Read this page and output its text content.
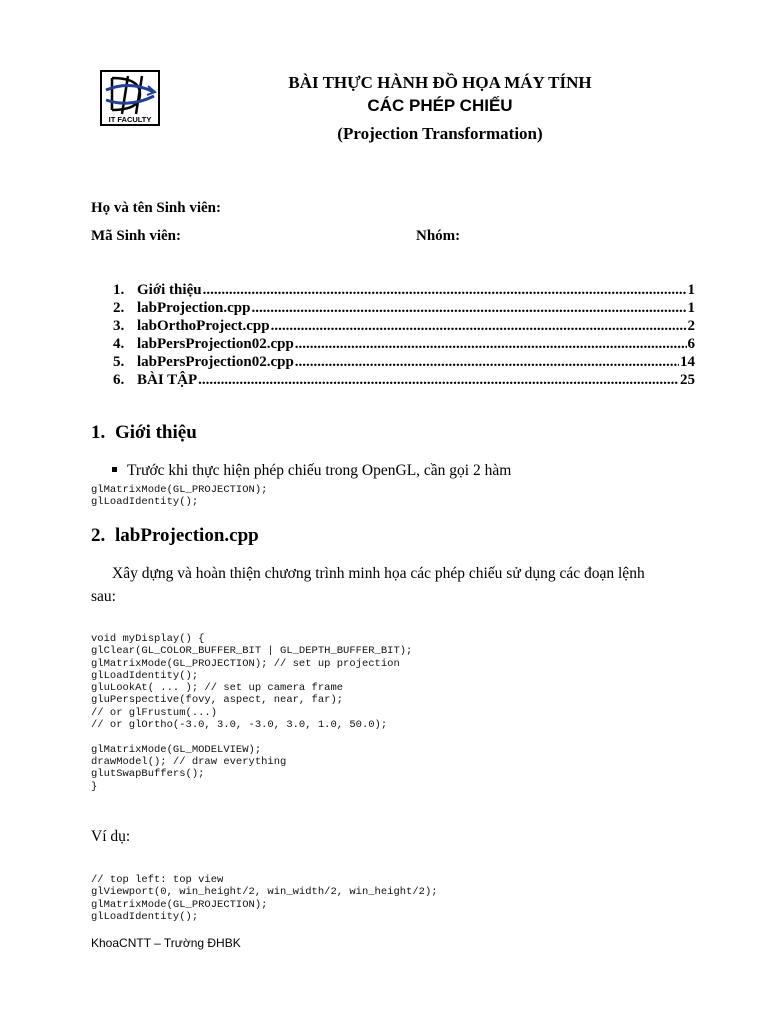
IT FACULTY
BÀI THỰC HÀNH ĐỒ HỌA MÁY TÍNH
CÁC PHÉP CHIẾU
(Projection Transformation)
Họ và tên Sinh viên:
Mã Sinh viên:	Nhóm:
1. Giới thiệu .....	1
2. labProjection.cpp .....	1
3. labOrthoProject.cpp .....	2
4. labPersProjection02.cpp .....	6
5. labPersProjection02.cpp .....	14
6. BÀI TẬP .....	25
1. Giới thiệu
Trước khi thực hiện phép chiếu trong OpenGL, cần gọi 2 hàm
glMatrixMode(GL_PROJECTION);
glLoadIdentity();
2. labProjection.cpp
Xây dựng và hoàn thiện chương trình minh họa các phép chiếu sử dụng các đoạn lệnh
sau:
void myDisplay() {
glClear(GL_COLOR_BUFFER_BIT | GL_DEPTH_BUFFER_BIT);
glMatrixMode(GL_PROJECTION); // set up projection
glLoadIdentity();
gluLookAt( ... ); // set up camera frame
gluPerspective(fovy, aspect, near, far);
// or glFrustum(...)
// or glOrtho(-3.0, 3.0, -3.0, 3.0, 1.0, 50.0);

glMatrixMode(GL_MODELVIEW);
drawModel(); // draw everything
glutSwapBuffers();
}
Ví dụ:
// top left: top view
glViewport(0, win_height/2, win_width/2, win_height/2);
glMatrixMode(GL_PROJECTION);
glLoadIdentity();
KhoaCNTT – Trường ĐHBK
